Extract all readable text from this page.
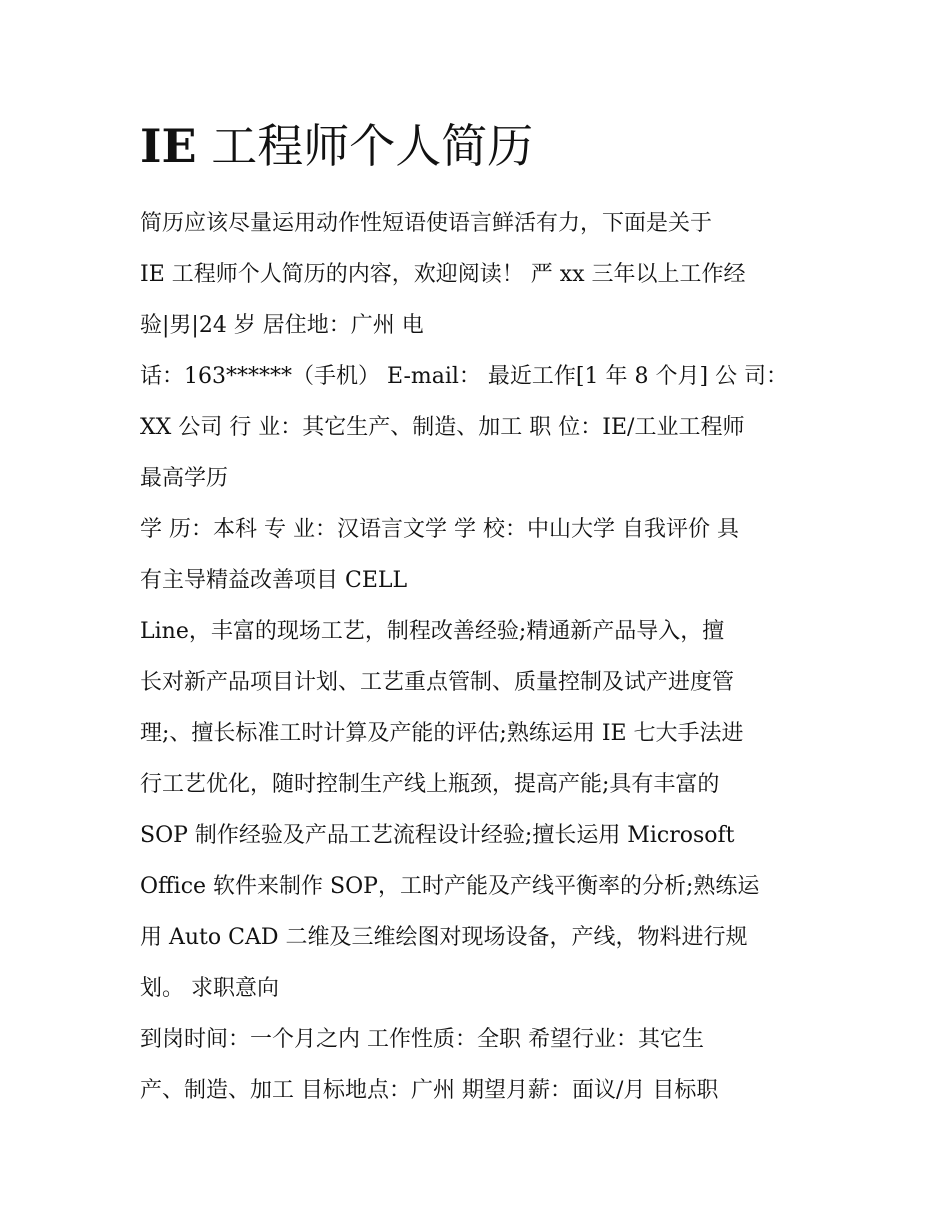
IE 工程师个人简历
简历应该尽量运用动作性短语使语言鲜活有力，下面是关于
IE 工程师个人简历的内容，欢迎阅读！ 严 xx 三年以上工作经
验|男|24 岁 居住地：广州 电
话：163******（手机） E-mail： 最近工作[1 年 8 个月] 公 司：
XX 公司 行 业：其它生产、制造、加工 职 位：IE/工业工程师
最高学历
学 历：本科 专 业：汉语言文学 学 校：中山大学 自我评价 具
有主导精益改善项目 CELL
Line，丰富的现场工艺，制程改善经验;精通新产品导入，擅
长对新产品项目计划、工艺重点管制、质量控制及试产进度管
理;、擅长标准工时计算及产能的评估;熟练运用 IE 七大手法进
行工艺优化，随时控制生产线上瓶颈，提高产能;具有丰富的
SOP 制作经验及产品工艺流程设计经验;擅长运用 Microsoft
Office 软件来制作 SOP，工时产能及产线平衡率的分析;熟练运
用 Auto CAD 二维及三维绘图对现场设备，产线，物料进行规
划。 求职意向
到岗时间：一个月之内 工作性质：全职 希望行业：其它生
产、制造、加工 目标地点：广州 期望月薪：面议/月 目标职
